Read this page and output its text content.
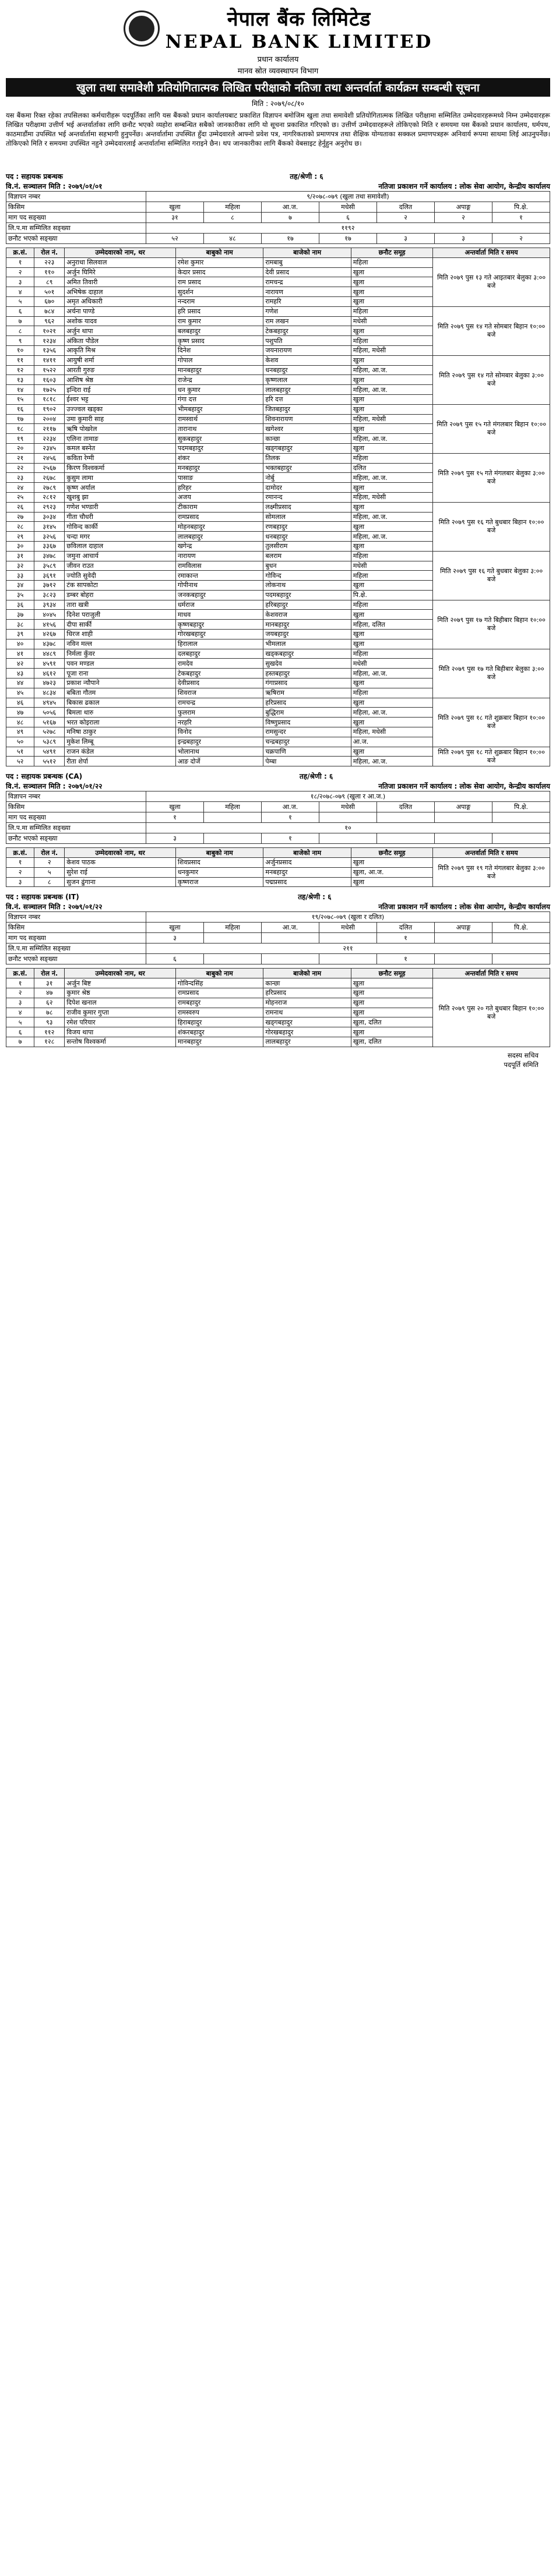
नेपाल बैंक लिमिटेड
NEPAL BANK LIMITED
प्रधान कार्यालय
मानव स्रोत व्यवस्थापन विभाग
खुला तथा समावेशी प्रतियोगितात्मक लिखित परीक्षाको नतिजा तथा अन्तर्वार्ता कार्यक्रम सम्बन्धी सूचना
मिति : २०७९/०८/१०
यस बैंकमा रिक्त रहेका तपसिलका कर्मचारीहरू पदपूर्तिका लागि यस बैंकको प्रधान कार्यालयबाट प्रकाशित विज्ञापन बमोजिम खुला तथा समावेशी प्रतियोगितात्मक लिखित परीक्षामा सम्मिलित उम्मेदवारहरूमध्ये निम्न उम्मेदवारहरू लिखित परीक्षामा उत्तीर्ण भई अन्तर्वार्ताका लागि छनौट भएको व्यहोरा सम्बन्धित सबैको जानकारीका लागि यो सूचना प्रकाशित गरिएको छ। उत्तीर्ण उम्मेदवारहरूले तोकिएको मिति र समयमा यस बैंकको प्रधान कार्यालय, धर्मपथ, काठमाडौंमा उपस्थित भई अन्तर्वार्तामा सहभागी हुनुपर्नेछ। अन्तर्वार्तामा उपस्थित हुँदा उम्मेदवारले आफ्नो प्रवेश पत्र, नागरिकताको प्रमाणपत्र तथा शैक्षिक योग्यताका सक्कल प्रमाणपत्रहरू अनिवार्य रूपमा साथमा लिई आउनुपर्नेछ। तोकिएको मिति र समयमा उपस्थित नहुने उम्मेदवारलाई अन्तर्वार्तामा सम्मिलित गराइने छैन। थप जानकारीका लागि बैंकको वेबसाइट हेर्नुहुन अनुरोध छ।
पद : सहायक प्रबन्धक	तह/श्रेणी : ६
वि.नं. सञ्चालन मिति : २०७९/०१/०१	नतिजा प्रकाशन गर्ने कार्यालय : लोक सेवा आयोग, केन्द्रीय कार्यालय
विज्ञापन नम्बर	९/२०७८-०७९ (खुला तथा समावेशी)						
किसिम	खुला	महिला	आ.ज.	मधेसी	दलित	अपाङ्ग	पि.क्षे.
माग पद सङ्ख्या	३१	८	७	६	२	२	१
लि.प.मा सम्मिलित सङ्ख्या	११९२						
छनौट भएको सङ्ख्या	५२	४८	१७	१७	३	३	२
क्र.सं.	रोल नं.	उम्मेदवारको नाम, थर	बाबुको नाम	बाजेको नाम	छनौट समूह	अन्तर्वार्ता मिति र समय
१	२२३	अनुराधा सिलवाल	रमेश कुमार	रामबाबु	महिला	मिति २०७९ पुस १३ गते आइतबार बेलुका ३:०० बजे
२	११०	अर्जुन घिमिरे	केदार प्रसाद	देवी प्रसाद	खुला	
३	८९	अमित तिवारी	राम प्रसाद	रामचन्द्र	खुला	
४	५०१	अभिषेक दाहाल	सुदर्शन	नारायण	खुला	
५	६७०	अमृत अधिकारी	नन्दराम	रामहरि	खुला	
६	७८४	अर्चना पाण्डे	हरि प्रसाद	गणेश	महिला	मिति २०७९ पुस १४ गते सोमबार बिहान १०:०० बजे
७	९६२	अशोक यादव	राम कुमार	राम लखन	मधेसी	
८	१०२१	अर्जुन थापा	बलबहादुर	टेकबहादुर	खुला	
९	१२३४	अंकिता पौडेल	कृष्ण प्रसाद	पशुपति	महिला	
१०	१३५६	आकृति मिश्र	दिनेश	जयनारायण	महिला, मधेसी	
११	१४११	आयुषी शर्मा	गोपाल	केशव	खुला	मिति २०७९ पुस १४ गते सोमबार बेलुका ३:०० बजे
१२	१५२२	आरती गुरुङ	मानबहादुर	धनबहादुर	महिला, आ.ज.	
१३	१६०३	आशिष श्रेष्ठ	राजेन्द्र	कृष्णलाल	खुला	
१४	१७२५	इन्दिरा राई	धन कुमार	लालबहादुर	महिला, आ.ज.	
१५	१८१८	ईश्वर भट्ट	गंगा दत्त	हरि दत्त	खुला	
१६	१९०२	उज्ज्वल खड्का	भीमबहादुर	जितबहादुर	खुला	मिति २०७९ पुस १५ गते मंगलबार बिहान १०:०० बजे
१७	२००४	उमा कुमारी साह	रामस्वार्थ	शिवनारायण	महिला, मधेसी	
१८	२११७	ऋषि पोखरेल	तारानाथ	खगेश्वर	खुला	
१९	२२३४	एलिना तामाङ	सुकबहादुर	कान्छा	महिला, आ.ज.	
२०	२३४५	कमल बस्नेत	पदमबहादुर	खड्गबहादुर	खुला	
२१	२४५६	कविता रेग्मी	शंकर	तिलक	महिला	मिति २०७९ पुस १५ गते मंगलबार बेलुका ३:०० बजे
२२	२५६७	किरण विश्वकर्मा	मनबहादुर	भक्तबहादुर	दलित	
२३	२६७८	कुसुम लामा	पासाङ	नोर्बु	महिला, आ.ज.	
२४	२७८९	कृष्ण अर्याल	हरिहर	दामोदर	खुला	
२५	२८१२	खुशबु झा	अजय	रमानन्द	महिला, मधेसी	
२६	२९२३	गणेश भण्डारी	टीकाराम	लक्ष्मीप्रसाद	खुला	मिति २०७९ पुस १६ गते बुधबार बिहान १०:०० बजे
२७	३०३४	गीता चौधरी	रामप्रसाद	सोमलाल	महिला, आ.ज.	
२८	३१४५	गोविन्द कार्की	मोहनबहादुर	रणबहादुर	खुला	
२९	३२५६	चन्दा मगर	लालबहादुर	धनबहादुर	महिला, आ.ज.	
३०	३३६७	छविलाल दाहाल	खगेन्द्र	तुलसीराम	खुला	
३१	३४७८	जमुना आचार्य	नारायण	बलराम	महिला	मिति २०७९ पुस १६ गते बुधबार बेलुका ३:०० बजे
३२	३५८९	जीवन राउत	रामविलास	बुधन	मधेसी	
३३	३६९१	ज्योति सुवेदी	रमाकान्त	गोविन्द	महिला	
३४	३७१२	टंक सापकोटा	गोपीनाथ	लोकनाथ	खुला	
३५	३८२३	डम्बर बोहरा	जनकबहादुर	पदमबहादुर	पि.क्षे.	
३६	३९३४	तारा खत्री	धर्मराज	हरिबहादुर	महिला	मिति २०७९ पुस १७ गते बिहीबार बिहान १०:०० बजे
३७	४०४५	दिनेश पराजुली	माधव	केशवराज	खुला	
३८	४१५६	दीपा सार्की	कृष्णबहादुर	मानबहादुर	महिला, दलित	
३९	४२६७	धिरज शाही	गोरखबहादुर	जयबहादुर	खुला	
४०	४३७८	नविन मल्ल	हिरालाल	भीमलाल	खुला	
४१	४४८९	निर्मला कुँवर	दलबहादुर	खड्कबहादुर	महिला	मिति २०७९ पुस १७ गते बिहीबार बेलुका ३:०० बजे
४२	४५९१	पवन मण्डल	रामदेव	सुखदेव	मधेसी	
४३	४६१२	पूजा राना	टेकबहादुर	हस्तबहादुर	महिला, आ.ज.	
४४	४७२३	प्रकाश न्यौपाने	देवीप्रसाद	गंगाप्रसाद	खुला	
४५	४८३४	बबिता गौतम	शिवराज	ऋषिराम	महिला	
४६	४९४५	बिकास ढकाल	रामचन्द्र	हरिप्रसाद	खुला	मिति २०७९ पुस १८ गते शुक्रबार बिहान १०:०० बजे
४७	५०५६	बिमला थारु	फुलराम	बुद्धिराम	महिला, आ.ज.	
४८	५१६७	भरत कोइराला	नरहरि	विष्णुप्रसाद	खुला	
४९	५२७८	मनिषा ठाकुर	विनोद	रामसुन्दर	महिला, मधेसी	
५०	५३८९	मुकेश लिम्बू	इन्द्रबहादुर	चन्द्रबहादुर	आ.ज.	
५१	५४९१	राजन कंडेल	भोलानाथ	चक्रपाणि	खुला	मिति २०७९ पुस १८ गते शुक्रबार बिहान १०:०० बजे
५२	५५१२	रीता शेर्पा	आङ दोर्जे	पेम्बा	महिला, आ.ज.	
पद : सहायक प्रबन्धक (CA)	तह/श्रेणी : ६
वि.नं. सञ्चालन मिति : २०७९/०१/२२	नतिजा प्रकाशन गर्ने कार्यालय : लोक सेवा आयोग, केन्द्रीय कार्यालय
विज्ञापन नम्बर	१८/२०७८-०७९ (खुला र आ.ज.)						
किसिम	खुला	महिला	आ.ज.	मधेसी	दलित	अपाङ्ग	पि.क्षे.
माग पद सङ्ख्या	१		१				
लि.प.मा सम्मिलित सङ्ख्या	१०						
छनौट भएको सङ्ख्या	३		१				
क्र.सं.	रोल नं.	उम्मेदवारको नाम, थर	बाबुको नाम	बाजेको नाम	छनौट समूह	अन्तर्वार्ता मिति र समय
१	२	केशव पाठक	शिवप्रसाद	अर्जुनप्रसाद	खुला	मिति २०७९ पुस १९ गते मंगलबार बेलुका ३:०० बजे
२	५	सुरेश राई	धनकुमार	मनबहादुर	खुला, आ.ज.	
३	८	सुजन ढुंगाना	कृष्णराज	पद्मप्रसाद	खुला	
पद : सहायक प्रबन्धक (IT)	तह/श्रेणी : ६
वि.नं. सञ्चालन मिति : २०७९/०१/२२	नतिजा प्रकाशन गर्ने कार्यालय : लोक सेवा आयोग, केन्द्रीय कार्यालय
विज्ञापन नम्बर	१९/२०७८-०७९ (खुला र दलित)						
किसिम	खुला	महिला	आ.ज.	मधेसी	दलित	अपाङ्ग	पि.क्षे.
माग पद सङ्ख्या	३				१		
लि.प.मा सम्मिलित सङ्ख्या	२११						
छनौट भएको सङ्ख्या	६				१		
क्र.सं.	रोल नं.	उम्मेदवारको नाम, थर	बाबुको नाम	बाजेको नाम	छनौट समूह	अन्तर्वार्ता मिति र समय
१	३१	अर्जुन बिष्ट	गोविन्दसिंह	कान्छा	खुला	मिति २०७९ पुस २० गते बुधबार बिहान १०:०० बजे
२	४७	कुमार श्रेष्ठ	रामप्रसाद	हरिप्रसाद	खुला	
३	६२	दिपेश खनाल	रामबहादुर	मोहनराज	खुला	
४	७८	राजीव कुमार गुप्ता	रामस्वरुप	रामनाथ	खुला	
५	९३	रमेश परियार	हिराबहादुर	खड्गबहादुर	खुला, दलित	
६	११२	विजय थापा	शंकरबहादुर	गोरखबहादुर	खुला	
७	१२८	सन्तोष विश्वकर्मा	मानबहादुर	लालबहादुर	खुला, दलित	
सदस्य सचिव
पदपूर्ति समिति
